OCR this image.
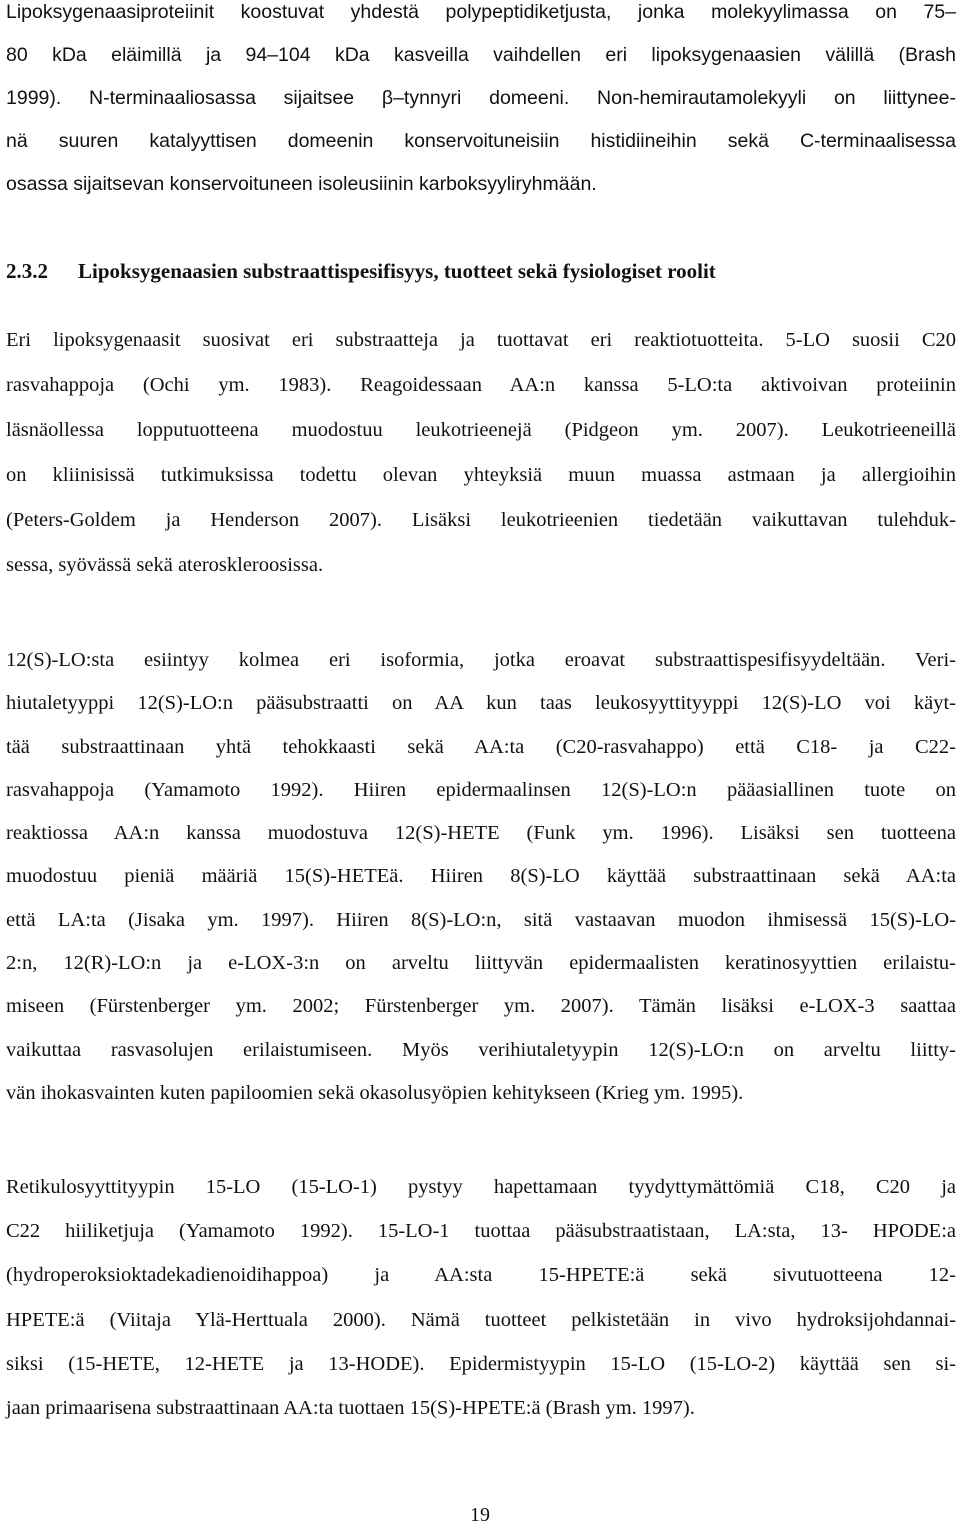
Lipoksygenaasiproteiinit koostuvat yhdestä polypeptidiketjusta, jonka molekyylimassa on 75–
80 kDa eläimillä ja 94–104 kDa kasveilla vaihdellen eri lipoksygenaasien välillä (Brash
1999). N-terminaaliosassa sijaitsee β–tynnyri domeeni. Non-hemirautamolekyyli on liittynee-
nä suuren katalyyttisen domeenin konservoituneisiin histidiineihin sekä C-terminaalisessa
osassa sijaitsevan konservoituneen isoleusiinin karboksyyliryhmään.
2.3.2 Lipoksygenaasien substraattispesifisyys, tuotteet sekä fysiologiset roolit
Eri lipoksygenaasit suosivat eri substraatteja ja tuottavat eri reaktiotuotteita. 5-LO suosii C20
rasvahappoja (Ochi ym. 1983). Reagoidessaan AA:n kanssa 5-LO:ta aktivoivan proteiinin
läsnäollessa lopputuotteena muodostuu leukotrieenejä (Pidgeon ym. 2007). Leukotrieeneillä
on kliinisissä tutkimuksissa todettu olevan yhteyksiä muun muassa astmaan ja allergioihin
(Peters-Goldem ja Henderson 2007). Lisäksi leukotrieenien tiedetään vaikuttavan tulehduk-
sessa, syövässä sekä ateroskleroosissa.
12(S)-LO:sta esiintyy kolmea eri isoformia, jotka eroavat substraattispesifisyydeltään. Veri-
hiutaletyyppi 12(S)-LO:n pääsubstraatti on AA kun taas leukosyyttityyppi 12(S)-LO voi käyt-
tää substraattinaan yhtä tehokkaasti sekä AA:ta (C20-rasvahappo) että C18- ja C22-
rasvahappoja (Yamamoto 1992). Hiiren epidermaalinsen 12(S)-LO:n pääasiallinen tuote on
reaktiossa AA:n kanssa muodostuva 12(S)-HETE (Funk ym. 1996). Lisäksi sen tuotteena
muodostuu pieniä määriä 15(S)-HETEä. Hiiren 8(S)-LO käyttää substraattinaan sekä AA:ta
että LA:ta (Jisaka ym. 1997). Hiiren 8(S)-LO:n, sitä vastaavan muodon ihmisessä 15(S)-LO-
2:n, 12(R)-LO:n ja e-LOX-3:n on arveltu liittyvän epidermaalisten keratinosyyttien erilaistu-
miseen (Fürstenberger ym. 2002; Fürstenberger ym. 2007). Tämän lisäksi e-LOX-3 saattaa
vaikuttaa rasvasolujen erilaistumiseen. Myös verihiutaletyypin 12(S)-LO:n on arveltu liitty-
vän ihokasvainten kuten papiloomien sekä okasolusyöpien kehitykseen (Krieg ym. 1995).
Retikulosyyttityypin 15-LO (15-LO-1) pystyy hapettamaan tyydyttymättömiä C18, C20 ja
C22 hiiliketjuja (Yamamoto 1992). 15-LO-1 tuottaa pääsubstraatistaan, LA:sta, 13- HPODE:a
(hydroperoksioktadekadienoidihappoa) ja AA:sta 15-HPETE:ä sekä sivutuotteena 12-
HPETE:ä (Viitaja Ylä-Herttuala 2000). Nämä tuotteet pelkistetään in vivo hydroksijohdannai-
siksi (15-HETE, 12-HETE ja 13-HODE). Epidermistyypin 15-LO (15-LO-2) käyttää sen si-
jaan primaarisena substraattinaan AA:ta tuottaen 15(S)-HPETE:ä (Brash ym. 1997).
19
